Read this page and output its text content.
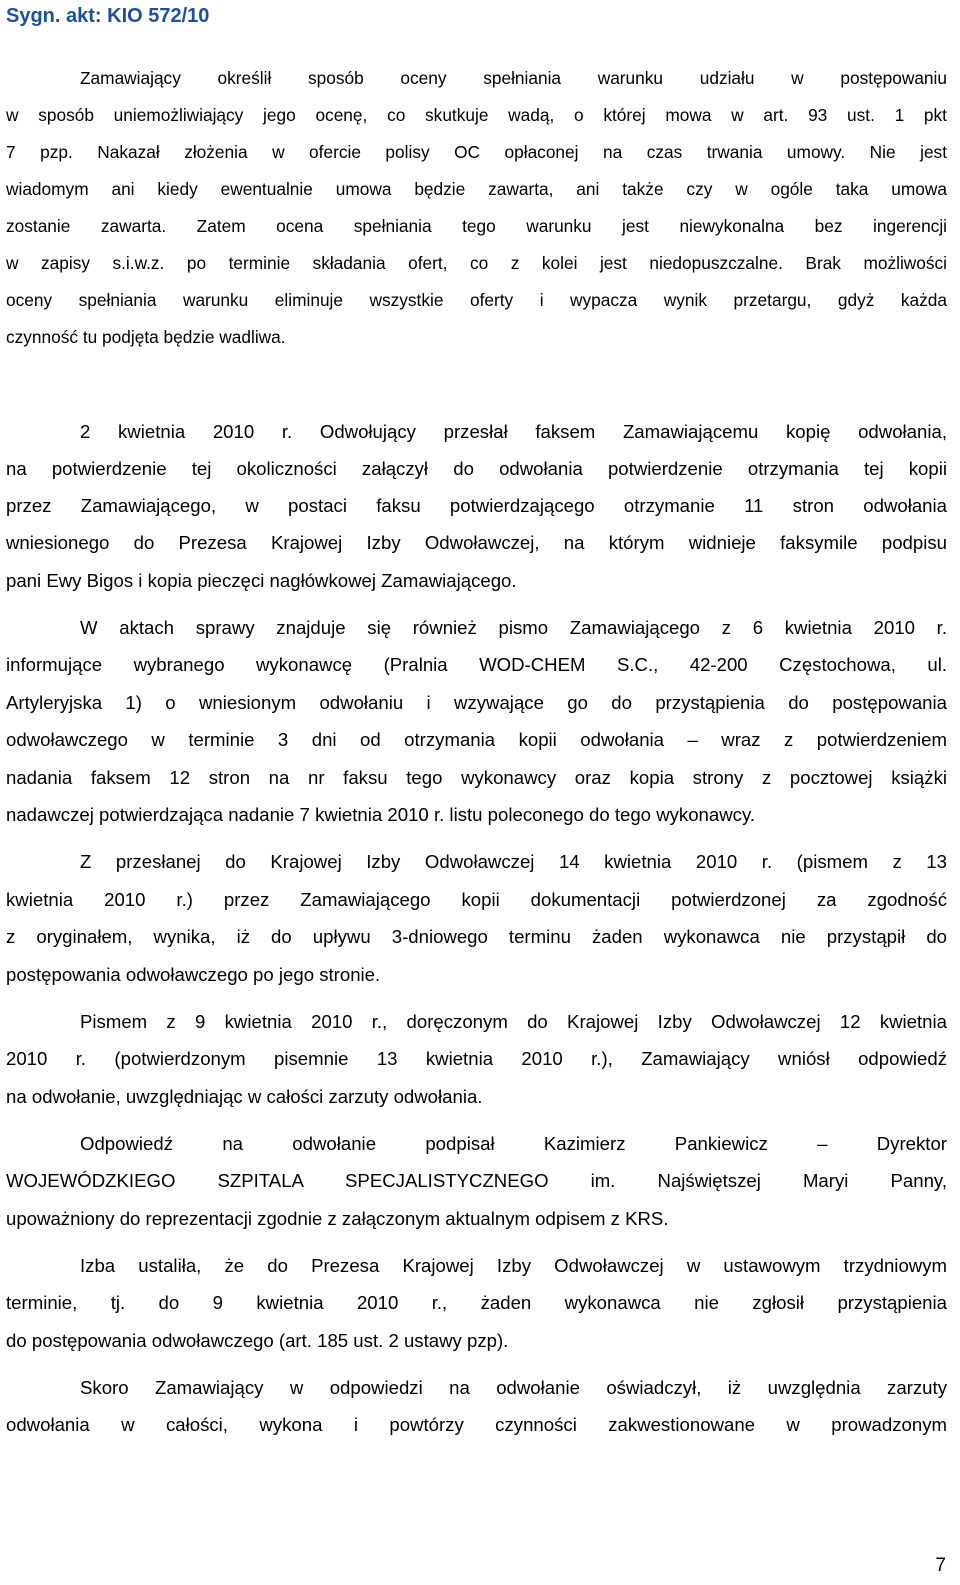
Sygn. akt: KIO 572/10
Zamawiający określił sposób oceny spełniania warunku udziału w postępowaniu
w sposób uniemożliwiający jego ocenę, co skutkuje wadą, o której mowa w art. 93 ust. 1 pkt
7 pzp. Nakazał złożenia w ofercie polisy OC opłaconej na czas trwania umowy. Nie jest
wiadomym ani kiedy ewentualnie umowa będzie zawarta, ani także czy w ogóle taka umowa
zostanie zawarta. Zatem ocena spełniania tego warunku jest niewykonalna bez ingerencji
w zapisy s.i.w.z. po terminie składania ofert, co z kolei jest niedopuszczalne. Brak możliwości
oceny spełniania warunku eliminuje wszystkie oferty i wypacza wynik przetargu, gdyż każda
czynność tu podjęta będzie wadliwa.
2 kwietnia 2010 r. Odwołujący przesłał faksem Zamawiającemu kopię odwołania,
na potwierdzenie tej okoliczności załączył do odwołania potwierdzenie otrzymania tej kopii
przez Zamawiającego, w postaci faksu potwierdzającego otrzymanie 11 stron odwołania
wniesionego do Prezesa Krajowej Izby Odwoławczej, na którym widnieje faksymile podpisu
pani Ewy Bigos i kopia pieczęci nagłówkowej Zamawiającego.
W aktach sprawy znajduje się również pismo Zamawiającego z 6 kwietnia 2010 r.
informujące wybranego wykonawcę (Pralnia WOD-CHEM S.C., 42-200 Częstochowa, ul.
Artyleryjska 1) o wniesionym odwołaniu i wzywające go do przystąpienia do postępowania
odwoławczego w terminie 3 dni od otrzymania kopii odwołania – wraz z potwierdzeniem
nadania faksem 12 stron na nr faksu tego wykonawcy oraz kopia strony z pocztowej książki
nadawczej potwierdzająca nadanie 7 kwietnia 2010 r. listu poleconego do tego wykonawcy.
Z przesłanej do Krajowej Izby Odwoławczej 14 kwietnia 2010 r. (pismem z 13
kwietnia 2010 r.) przez Zamawiającego kopii dokumentacji potwierdzonej za zgodność
z oryginałem, wynika, iż do upływu 3-dniowego terminu żaden wykonawca nie przystąpił do
postępowania odwoławczego po jego stronie.
Pismem z 9 kwietnia 2010 r., doręczonym do Krajowej Izby Odwoławczej 12 kwietnia
2010 r. (potwierdzonym pisemnie 13 kwietnia 2010 r.), Zamawiający wniósł odpowiedź
na odwołanie, uwzględniając w całości zarzuty odwołania.
Odpowiedź na odwołanie podpisał Kazimierz Pankiewicz – Dyrektor
WOJEWÓDZKIEGO SZPITALA SPECJALISTYCZNEGO im. Najświętszej Maryi Panny,
upoważniony do reprezentacji zgodnie z załączonym aktualnym odpisem z KRS.
Izba ustaliła, że do Prezesa Krajowej Izby Odwoławczej w ustawowym trzydniowym
terminie, tj. do 9 kwietnia 2010 r., żaden wykonawca nie zgłosił przystąpienia
do postępowania odwoławczego (art. 185 ust. 2 ustawy pzp).
Skoro Zamawiający w odpowiedzi na odwołanie oświadczył, iż uwzględnia zarzuty
odwołania w całości, wykona i powtórzy czynności zakwestionowane w prowadzonym
7
